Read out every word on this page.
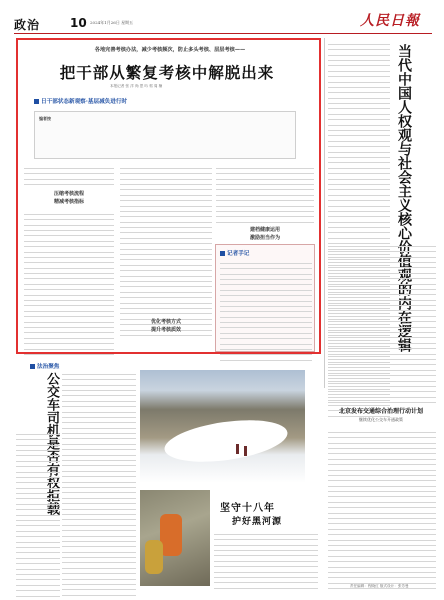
政治 10 2024年1月26日 星期五	人民日報
各地完善考核办法，减少考核频次，防止多头考核、层层考核——
把干部从繁复考核中解脱出来
本报记者 张 洋 尚 思 吟 郭 周 楠
日干部状态新观察·基层减负进行时
编者按
压缩考核流程
精减考核指标
优化考核方式
提升考核质效
建档健康运用
激励担当作为
记者手记	当代中国人权观与社会主义核心价值观的内在逻辑
法治聚焦
公交车司机是否有权拒载	坚守十八年
护好黑河源
北京发布交通综合治理行动计划
继续优化公交车开通政策
责任编辑：程晓红 版式设计：张芳曼
